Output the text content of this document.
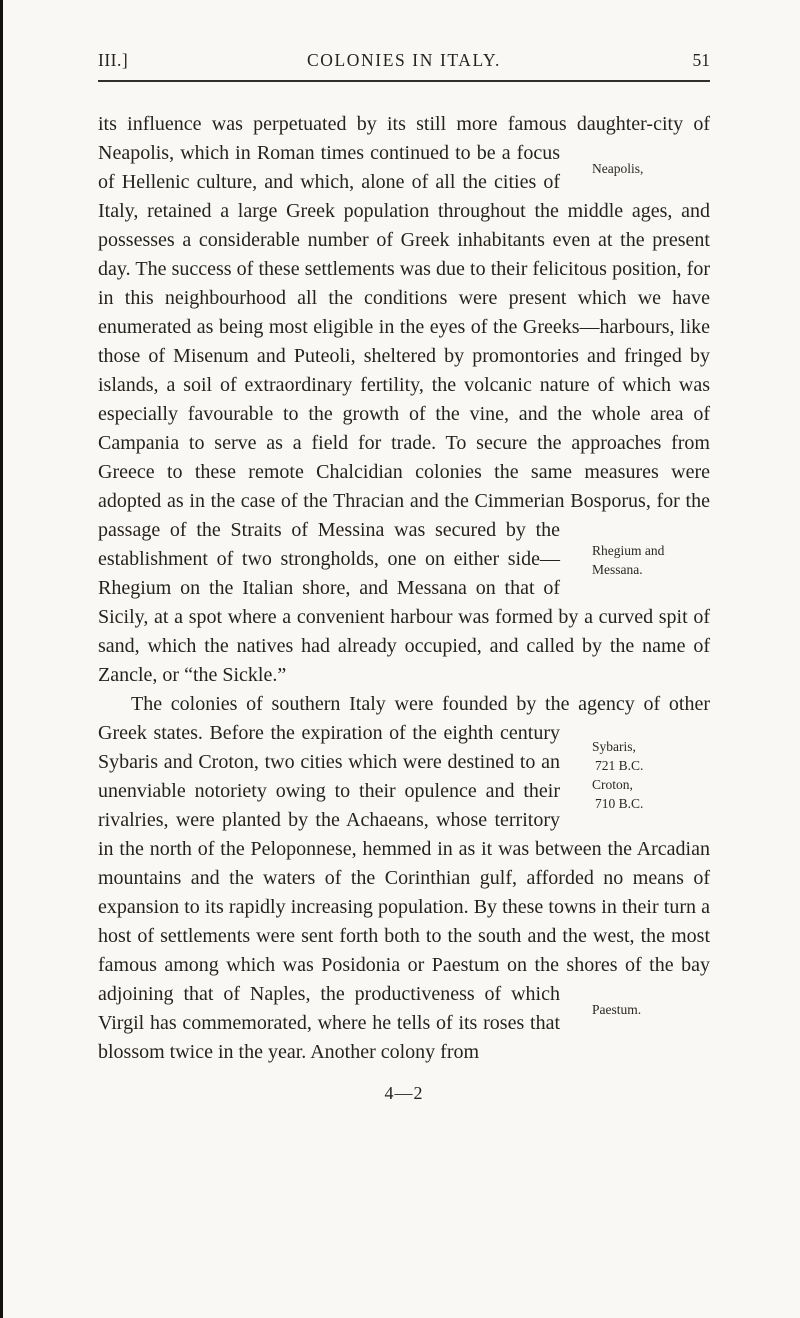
III.]	COLONIES IN ITALY.	51

its influence was perpetuated by its still more famous daughter-city of Neapolis, which in Roman times continued
Neapolis,
to be a focus of Hellenic culture, and which, alone of all the cities of Italy, retained a large Greek population throughout the middle ages, and possesses a considerable number of Greek inhabitants even at the present day. The success of these settlements was due to their felicitous position, for in this neighbourhood all the conditions were present which we have enumerated as being most eligible in the eyes of the Greeks—harbours, like those of Misenum and Puteoli, sheltered by promontories and fringed by islands, a soil of extraordinary fertility, the volcanic nature of which was especially favourable to the growth of the vine, and the whole area of Campania to serve as a field for trade. To secure the approaches from Greece to these remote Chalcidian colonies the same measures were adopted as in the case of the Thracian and the Cimmerian Bosporus, for the passage of the Straits of Messina was secured by
Rhegium and Messana.
the establishment of two strongholds, one on either side—Rhegium on the Italian shore, and Messana on that of Sicily, at a spot where a convenient harbour was formed by a curved spit of sand, which the natives had already occupied, and called by the name of Zancle, or “the Sickle.”

The colonies of southern Italy were founded by the agency of other Greek states. Before the expiration of
Sybaris,
721 B.C.
Croton,
710 B.C.
the eighth century Sybaris and Croton, two cities which were destined to an unenviable notoriety owing to their opulence and their rivalries, were planted by the Achaeans, whose territory in the north of the Peloponnese, hemmed in as it was between the Arcadian mountains and the waters of the Corinthian gulf, afforded no means of expansion to its rapidly increasing population. By these towns in their turn a host of settlements were sent forth both to the south and the west, the most famous among which was Posidonia or Paestum on the shores
Paestum.
of the bay adjoining that of Naples, the productiveness of which Virgil has commemorated, where he tells of its roses that blossom twice in the year. Another colony from

4—2
